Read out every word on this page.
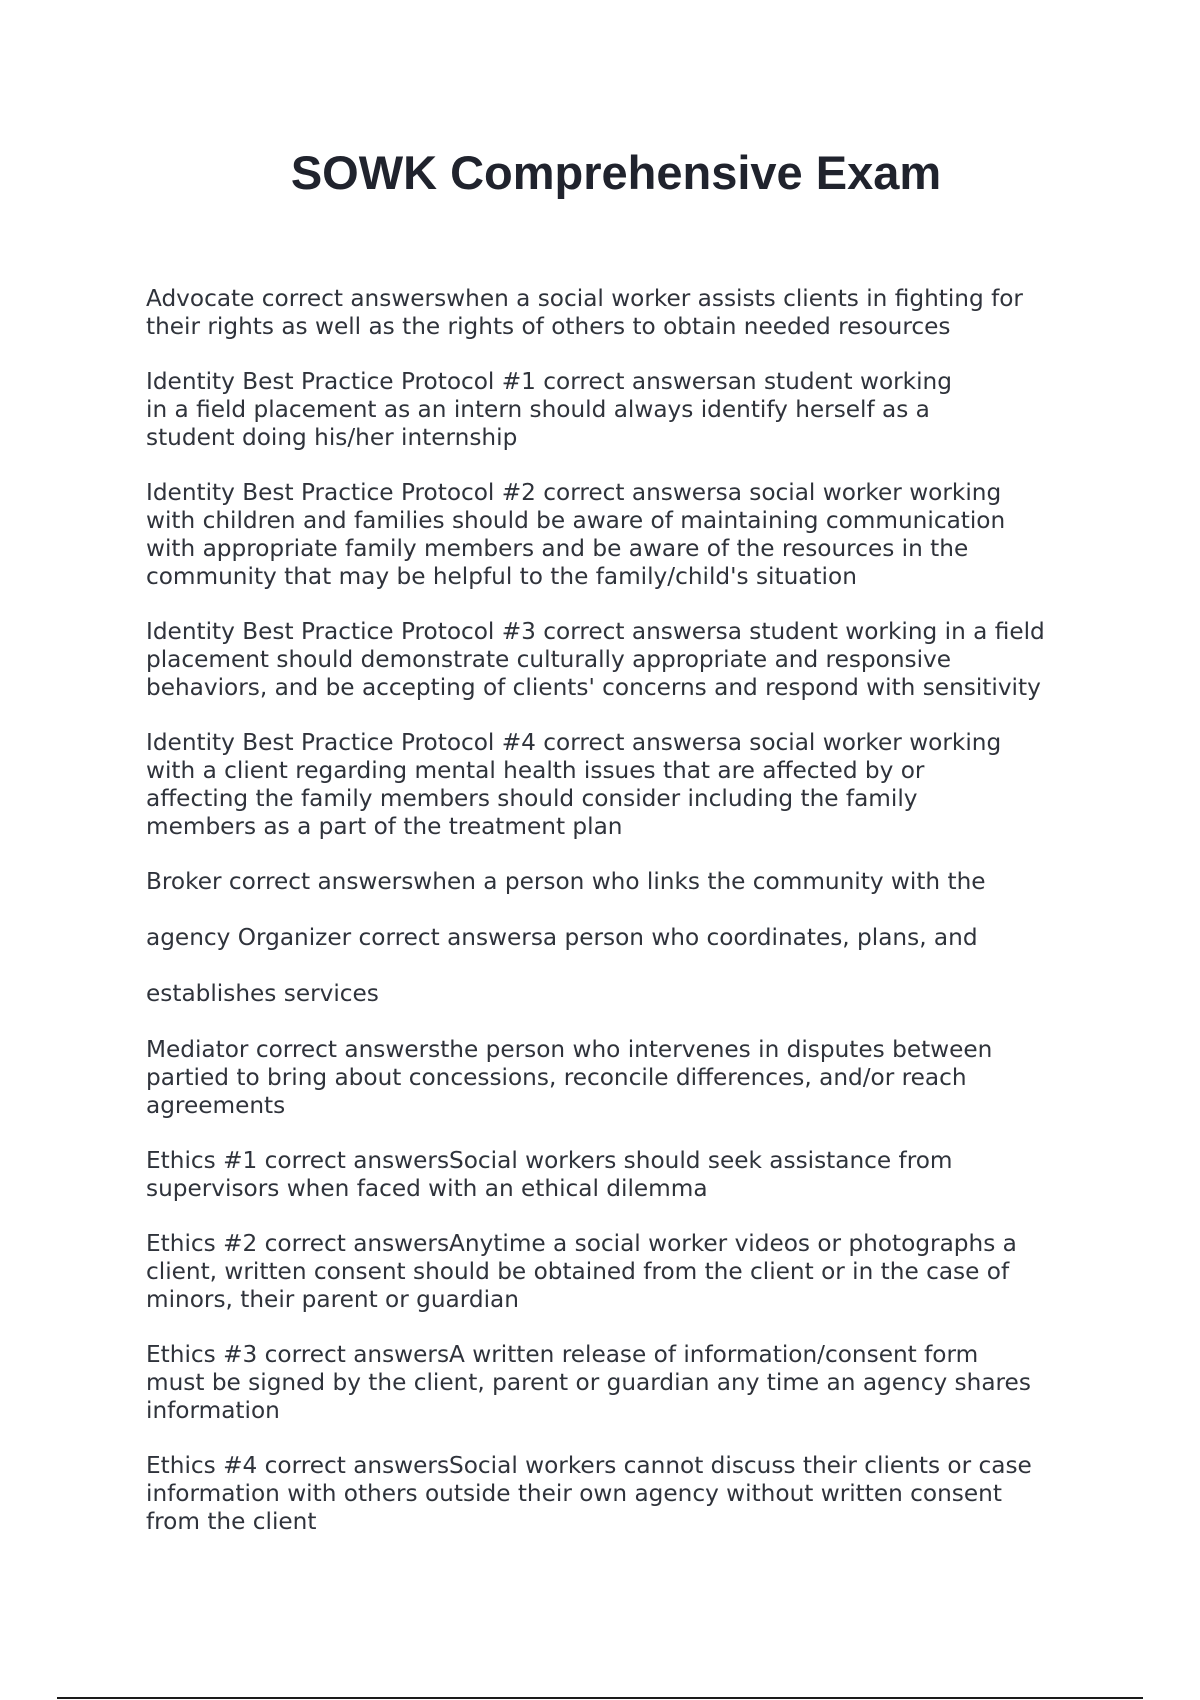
SOWK Comprehensive Exam

Advocate correct answerswhen a social worker assists clients in fighting for
their rights as well as the rights of others to obtain needed resources

Identity Best Practice Protocol #1 correct answersan student working
in a field placement as an intern should always identify herself as a
student doing his/her internship

Identity Best Practice Protocol #2 correct answersa social worker working
with children and families should be aware of maintaining communication
with appropriate family members and be aware of the resources in the
community that may be helpful to the family/child's situation

Identity Best Practice Protocol #3 correct answersa student working in a field
placement should demonstrate culturally appropriate and responsive
behaviors, and be accepting of clients' concerns and respond with sensitivity

Identity Best Practice Protocol #4 correct answersa social worker working
with a client regarding mental health issues that are affected by or
affecting the family members should consider including the family
members as a part of the treatment plan

Broker correct answerswhen a person who links the community with the

agency Organizer correct answersa person who coordinates, plans, and

establishes services

Mediator correct answersthe person who intervenes in disputes between
partied to bring about concessions, reconcile differences, and/or reach
agreements

Ethics #1 correct answersSocial workers should seek assistance from
supervisors when faced with an ethical dilemma

Ethics #2 correct answersAnytime a social worker videos or photographs a
client, written consent should be obtained from the client or in the case of
minors, their parent or guardian

Ethics #3 correct answersA written release of information/consent form
must be signed by the client, parent or guardian any time an agency shares
information

Ethics #4 correct answersSocial workers cannot discuss their clients or case
information with others outside their own agency without written consent
from the client
